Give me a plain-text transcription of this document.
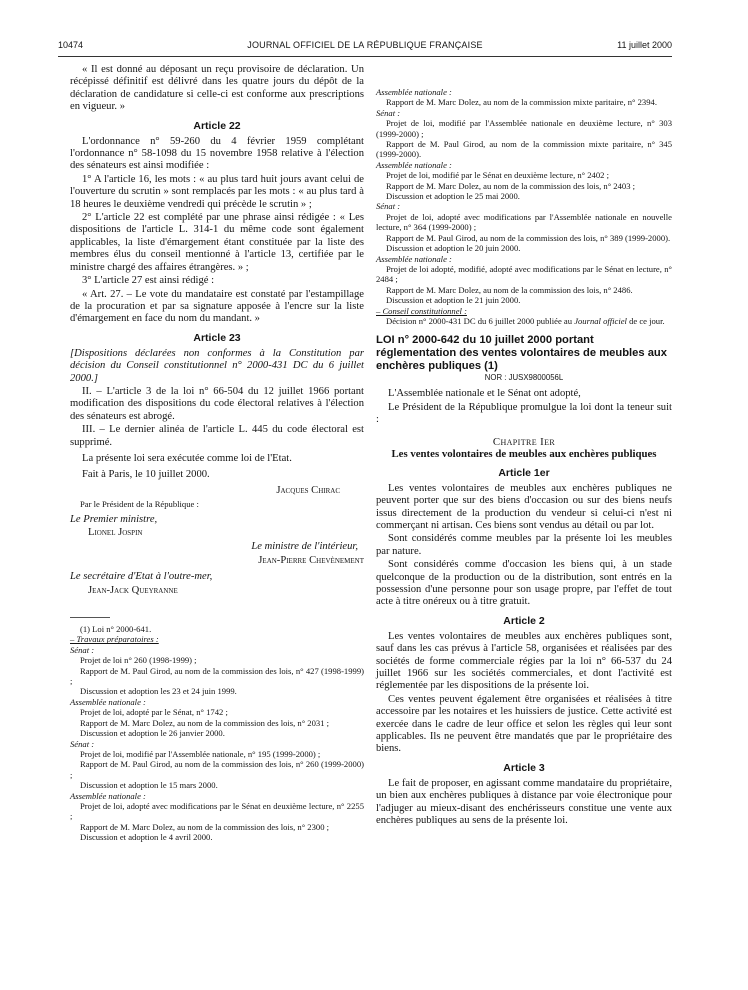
10474	JOURNAL OFFICIEL DE LA RÉPUBLIQUE FRANÇAISE	11 juillet 2000

« Il est donné au déposant un reçu provisoire de déclaration. Un récépissé définitif est délivré dans les quatre jours du dépôt de la déclaration de candidature si celle-ci est conforme aux prescriptions en vigueur. »

Article 22

L'ordonnance n° 59-260 du 4 février 1959 complétant l'ordonnance n° 58-1098 du 15 novembre 1958 relative à l'élection des sénateurs est ainsi modifiée :

1° A l'article 16, les mots : « au plus tard huit jours avant celui de l'ouverture du scrutin » sont remplacés par les mots : « au plus tard à 18 heures le deuxième vendredi qui précède le scrutin » ;

2° L'article 22 est complété par une phrase ainsi rédigée : « Les dispositions de l'article L. 314-1 du même code sont également applicables, la liste d'émargement étant constituée par la liste des membres élus du conseil mentionné à l'article 13, certifiée par le ministre chargé des affaires étrangères. » ;

3° L'article 27 est ainsi rédigé :

« Art. 27. – Le vote du mandataire est constaté par l'estampillage de la procuration et par sa signature apposée à l'encre sur la liste d'émargement en face du nom du mandant. »

Article 23

[Dispositions déclarées non conformes à la Constitution par décision du Conseil constitutionnel n° 2000-431 DC du 6 juillet 2000.]

II. – L'article 3 de la loi n° 66-504 du 12 juillet 1966 portant modification des dispositions du code électoral relatives à l'élection des sénateurs est abrogé.

III. – Le dernier alinéa de l'article L. 445 du code électoral est supprimé.

La présente loi sera exécutée comme loi de l'Etat.

Fait à Paris, le 10 juillet 2000.

Jacques Chirac

Par le Président de la République :

Le Premier ministre,

Lionel Jospin

Le ministre de l'intérieur,

Jean-Pierre Chevènement

Le secrétaire d'Etat à l'outre-mer,

Jean-Jack Queyranne

(1) Loi n° 2000-641.

– Travaux préparatoires :

Sénat :

Projet de loi n° 260 (1998-1999) ;

Rapport de M. Paul Girod, au nom de la commission des lois, n° 427 (1998-1999) ;

Discussion et adoption les 23 et 24 juin 1999.

Assemblée nationale :

Projet de loi, adopté par le Sénat, n° 1742 ;

Rapport de M. Marc Dolez, au nom de la commission des lois, n° 2031 ;

Discussion et adoption le 26 janvier 2000.

Sénat :

Projet de loi, modifié par l'Assemblée nationale, n° 195 (1999-2000) ;

Rapport de M. Paul Girod, au nom de la commission des lois, n° 260 (1999-2000) ;

Discussion et adoption le 15 mars 2000.

Assemblée nationale :

Projet de loi, adopté avec modifications par le Sénat en deuxième lecture, n° 2255 ;

Rapport de M. Marc Dolez, au nom de la commission des lois, n° 2300 ;

Discussion et adoption le 4 avril 2000.

Assemblée nationale :

Rapport de M. Marc Dolez, au nom de la commission mixte paritaire, n° 2394.

Sénat :

Projet de loi, modifié par l'Assemblée nationale en deuxième lecture, n° 303 (1999-2000) ;

Rapport de M. Paul Girod, au nom de la commission mixte paritaire, n° 345 (1999-2000).

Assemblée nationale :

Projet de loi, modifié par le Sénat en deuxième lecture, n° 2402 ;

Rapport de M. Marc Dolez, au nom de la commission des lois, n° 2403 ;

Discussion et adoption le 25 mai 2000.

Sénat :

Projet de loi, adopté avec modifications par l'Assemblée nationale en nouvelle lecture, n° 364 (1999-2000) ;

Rapport de M. Paul Girod, au nom de la commission des lois, n° 389 (1999-2000).

Discussion et adoption le 20 juin 2000.

Assemblée nationale :

Projet de loi adopté, modifié, adopté avec modifications par le Sénat en lecture, n° 2484 ;

Rapport de M. Marc Dolez, au nom de la commission des lois, n° 2486.

Discussion et adoption le 21 juin 2000.

– Conseil constitutionnel :

Décision n° 2000-431 DC du 6 juillet 2000 publiée au Journal officiel de ce jour.

LOI n° 2000-642 du 10 juillet 2000 portant réglementation des ventes volontaires de meubles aux enchères publiques (1)

NOR : JUSX9800056L

L'Assemblée nationale et le Sénat ont adopté,

Le Président de la République promulgue la loi dont la teneur suit :

Chapitre Ier

Les ventes volontaires de meubles aux enchères publiques

Article 1er

Les ventes volontaires de meubles aux enchères publiques ne peuvent porter que sur des biens d'occasion ou sur des biens neufs issus directement de la production du vendeur si celui-ci n'est ni commerçant ni artisan. Ces biens sont vendus au détail ou par lot.

Sont considérés comme meubles par la présente loi les meubles par nature.

Sont considérés comme d'occasion les biens qui, à un stade quelconque de la production ou de la distribution, sont entrés en la possession d'une personne pour son usage propre, par l'effet de tout acte à titre onéreux ou à titre gratuit.

Article 2

Les ventes volontaires de meubles aux enchères publiques sont, sauf dans les cas prévus à l'article 58, organisées et réalisées par des sociétés de forme commerciale régies par la loi n° 66-537 du 24 juillet 1966 sur les sociétés commerciales, et dont l'activité est réglementée par les dispositions de la présente loi.

Ces ventes peuvent également être organisées et réalisées à titre accessoire par les notaires et les huissiers de justice. Cette activité est exercée dans le cadre de leur office et selon les règles qui leur sont applicables. Ils ne peuvent être mandatés que par le propriétaire des biens.

Article 3

Le fait de proposer, en agissant comme mandataire du propriétaire, un bien aux enchères publiques à distance par voie électronique pour l'adjuger au mieux-disant des enchérisseurs constitue une vente aux enchères publiques au sens de la présente loi.
